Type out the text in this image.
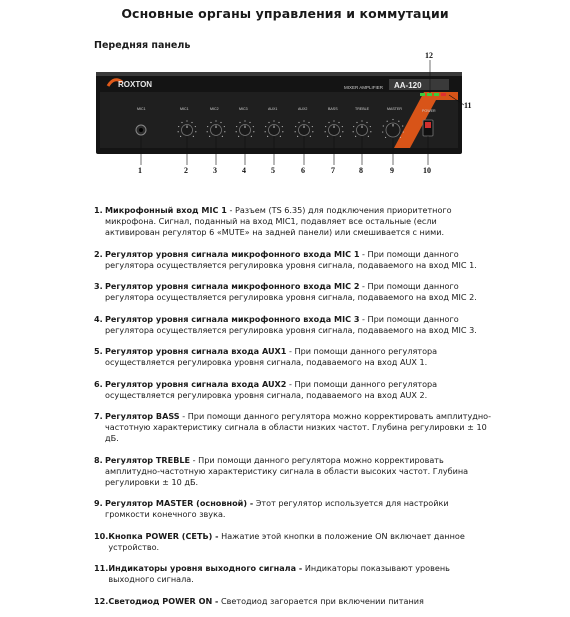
Основные органы управления и коммутации
Передняя панель
ROXTON	MIXER AMPLIFIER AA-120
MIC1	MIC1	MIC2	MIC3	AUX1	AUX2	BASS	TREBLE	MASTER	POWER
1	2	3	4	5	6	7	8	9	10
11
12
1. Микрофонный вход MIC 1 - Разъем (TS 6.35) для подключения приоритетного микрофона. Сигнал, поданный на вход MIC1, подавляет все остальные (если активирован регулятор 6 «MUTE» на задней панели) или смешивается с ними.
2. Регулятор уровня сигнала микрофонного входа MIC 1 - При помощи данного регулятора осуществляется регулировка уровня сигнала, подаваемого на вход MIC 1.
3. Регулятор уровня сигнала микрофонного входа MIC 2 - При помощи данного регулятора осуществляется регулировка уровня сигнала, подаваемого на вход MIC 2.
4. Регулятор уровня сигнала микрофонного входа MIC 3 - При помощи данного регулятора осуществляется регулировка уровня сигнала, подаваемого на вход MIC 3.
5. Регулятор уровня сигнала входа AUX1 - При помощи данного регулятора осуществляется регулировка уровня сигнала, подаваемого на вход AUX 1.
6. Регулятор уровня сигнала входа AUX2 - При помощи данного регулятора осуществляется регулировка уровня сигнала, подаваемого на вход AUX 2.
7. Регулятор BASS - При помощи данного регулятора можно корректировать амплитудно-частотную характеристику сигнала в области низких частот. Глубина регулировки ± 10 дБ.
8. Регулятор TREBLE - При помощи данного регулятора можно корректировать амплитудно-частотную характеристику сигнала в области высоких частот. Глубина регулировки ± 10 дБ.
9. Регулятор MASTER (основной) - Этот регулятор используется для настройки громкости конечного звука.
10. Кнопка POWER (СЕТЬ) - Нажатие этой кнопки в положение ON включает данное устройство.
11. Индикаторы уровня выходного сигнала - Индикаторы показывают уровень выходного сигнала.
12. Светодиод POWER ON - Светодиод загорается при включении питания
